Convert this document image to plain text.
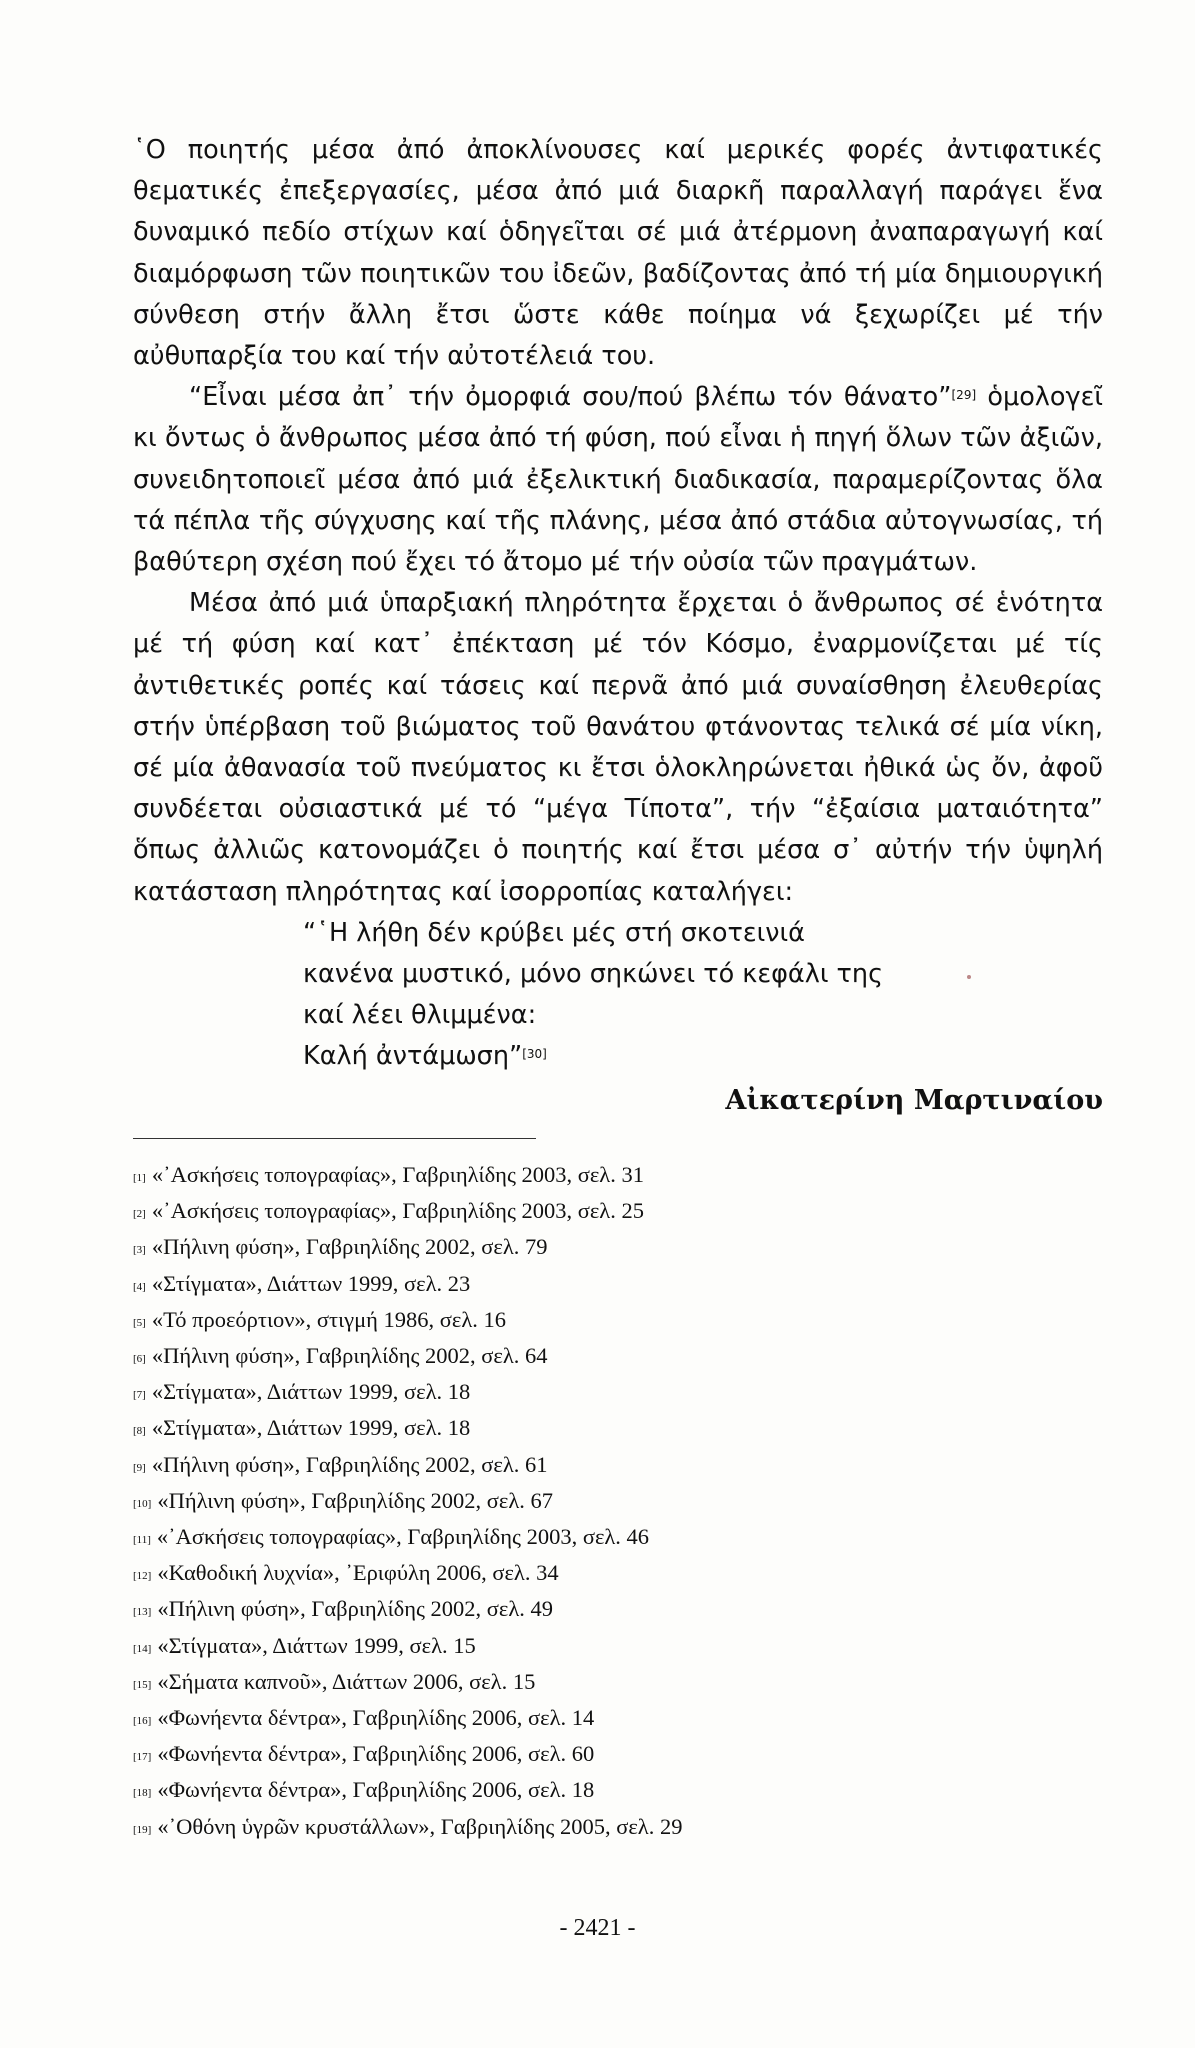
῾Ο ποιητής μέσα ἀπό ἀποκλίνουσες καί μερικές φορές ἀντιφατικές θεματικές ἐπεξεργασίες, μέσα ἀπό μιά διαρκῆ παραλλαγή παράγει ἕνα δυναμικό πεδίο στίχων καί ὁδηγεῖται σέ μιά ἀτέρμονη ἀναπαραγωγή καί διαμόρφωση τῶν ποιητικῶν του ἰδεῶν, βαδίζοντας ἀπό τή μία δημιουργική σύνθεση στήν ἄλλη ἔτσι ὥστε κάθε ποίημα νά ξεχωρίζει μέ τήν αὐθυπαρξία του καί τήν αὐτοτέλειά του.

“Εἶναι μέσα ἀπ᾿ τήν ὀμορφιά σου/πού βλέπω τόν θάνατο”[29] ὁμολογεῖ κι ὄντως ὁ ἄνθρωπος μέσα ἀπό τή φύση, πού εἶναι ἡ πηγή ὅλων τῶν ἀξιῶν, συνειδητοποιεῖ μέσα ἀπό μιά ἐξελικτική διαδικασία, παραμερίζοντας ὅλα τά πέπλα τῆς σύγχυσης καί τῆς πλάνης, μέσα ἀπό στάδια αὐτογνωσίας, τή βαθύτερη σχέση πού ἔχει τό ἄτομο μέ τήν οὐσία τῶν πραγμάτων.

Μέσα ἀπό μιά ὑπαρξιακή πληρότητα ἔρχεται ὁ ἄνθρωπος σέ ἑνότητα μέ τή φύση καί κατ᾿ ἐπέκταση μέ τόν Κόσμο, ἐναρμονίζεται μέ τίς ἀντιθετικές ροπές καί τάσεις καί περνᾶ ἀπό μιά συναίσθηση ἐλευθερίας στήν ὑπέρβαση τοῦ βιώματος τοῦ θανάτου φτάνοντας τελικά σέ μία νίκη, σέ μία ἀθανασία τοῦ πνεύματος κι ἔτσι ὁλοκληρώνεται ἠθικά ὡς ὄν, ἀφοῦ συνδέεται οὐσιαστικά μέ τό “μέγα Τίποτα”, τήν “ἐξαίσια ματαιότητα” ὅπως ἀλλιῶς κατονομάζει ὁ ποιητής καί ἔτσι μέσα σ᾿ αὐτήν τήν ὑψηλή κατάσταση πληρότητας καί ἰσορροπίας καταλήγει:

“῾Η λήθη δέν κρύβει μές στή σκοτεινιά
κανένα μυστικό, μόνο σηκώνει τό κεφάλι της
καί λέει θλιμμένα:
Καλή ἀντάμωση”[30]
Αἰκατερίνη Μαρτιναίου
[1] «᾿Ασκήσεις τοπογραφίας», Γαβριηλίδης 2003, σελ. 31
[2] «᾿Ασκήσεις τοπογραφίας», Γαβριηλίδης 2003, σελ. 25
[3] «Πήλινη φύση», Γαβριηλίδης 2002, σελ. 79
[4] «Στίγματα», Διάττων 1999, σελ. 23
[5] «Τό προεόρτιον», στιγμή 1986, σελ. 16
[6] «Πήλινη φύση», Γαβριηλίδης 2002, σελ. 64
[7] «Στίγματα», Διάττων 1999, σελ. 18
[8] «Στίγματα», Διάττων 1999, σελ. 18
[9] «Πήλινη φύση», Γαβριηλίδης 2002, σελ. 61
[10] «Πήλινη φύση», Γαβριηλίδης 2002, σελ. 67
[11] «᾿Ασκήσεις τοπογραφίας», Γαβριηλίδης 2003, σελ. 46
[12] «Καθοδική λυχνία», ᾿Εριφύλη 2006, σελ. 34
[13] «Πήλινη φύση», Γαβριηλίδης 2002, σελ. 49
[14] «Στίγματα», Διάττων 1999, σελ. 15
[15] «Σήματα καπνοῦ», Διάττων 2006, σελ. 15
[16] «Φωνήεντα δέντρα», Γαβριηλίδης 2006, σελ. 14
[17] «Φωνήεντα δέντρα», Γαβριηλίδης 2006, σελ. 60
[18] «Φωνήεντα δέντρα», Γαβριηλίδης 2006, σελ. 18
[19] «᾿Οθόνη ὑγρῶν κρυστάλλων», Γαβριηλίδης 2005, σελ. 29
- 2421 -
